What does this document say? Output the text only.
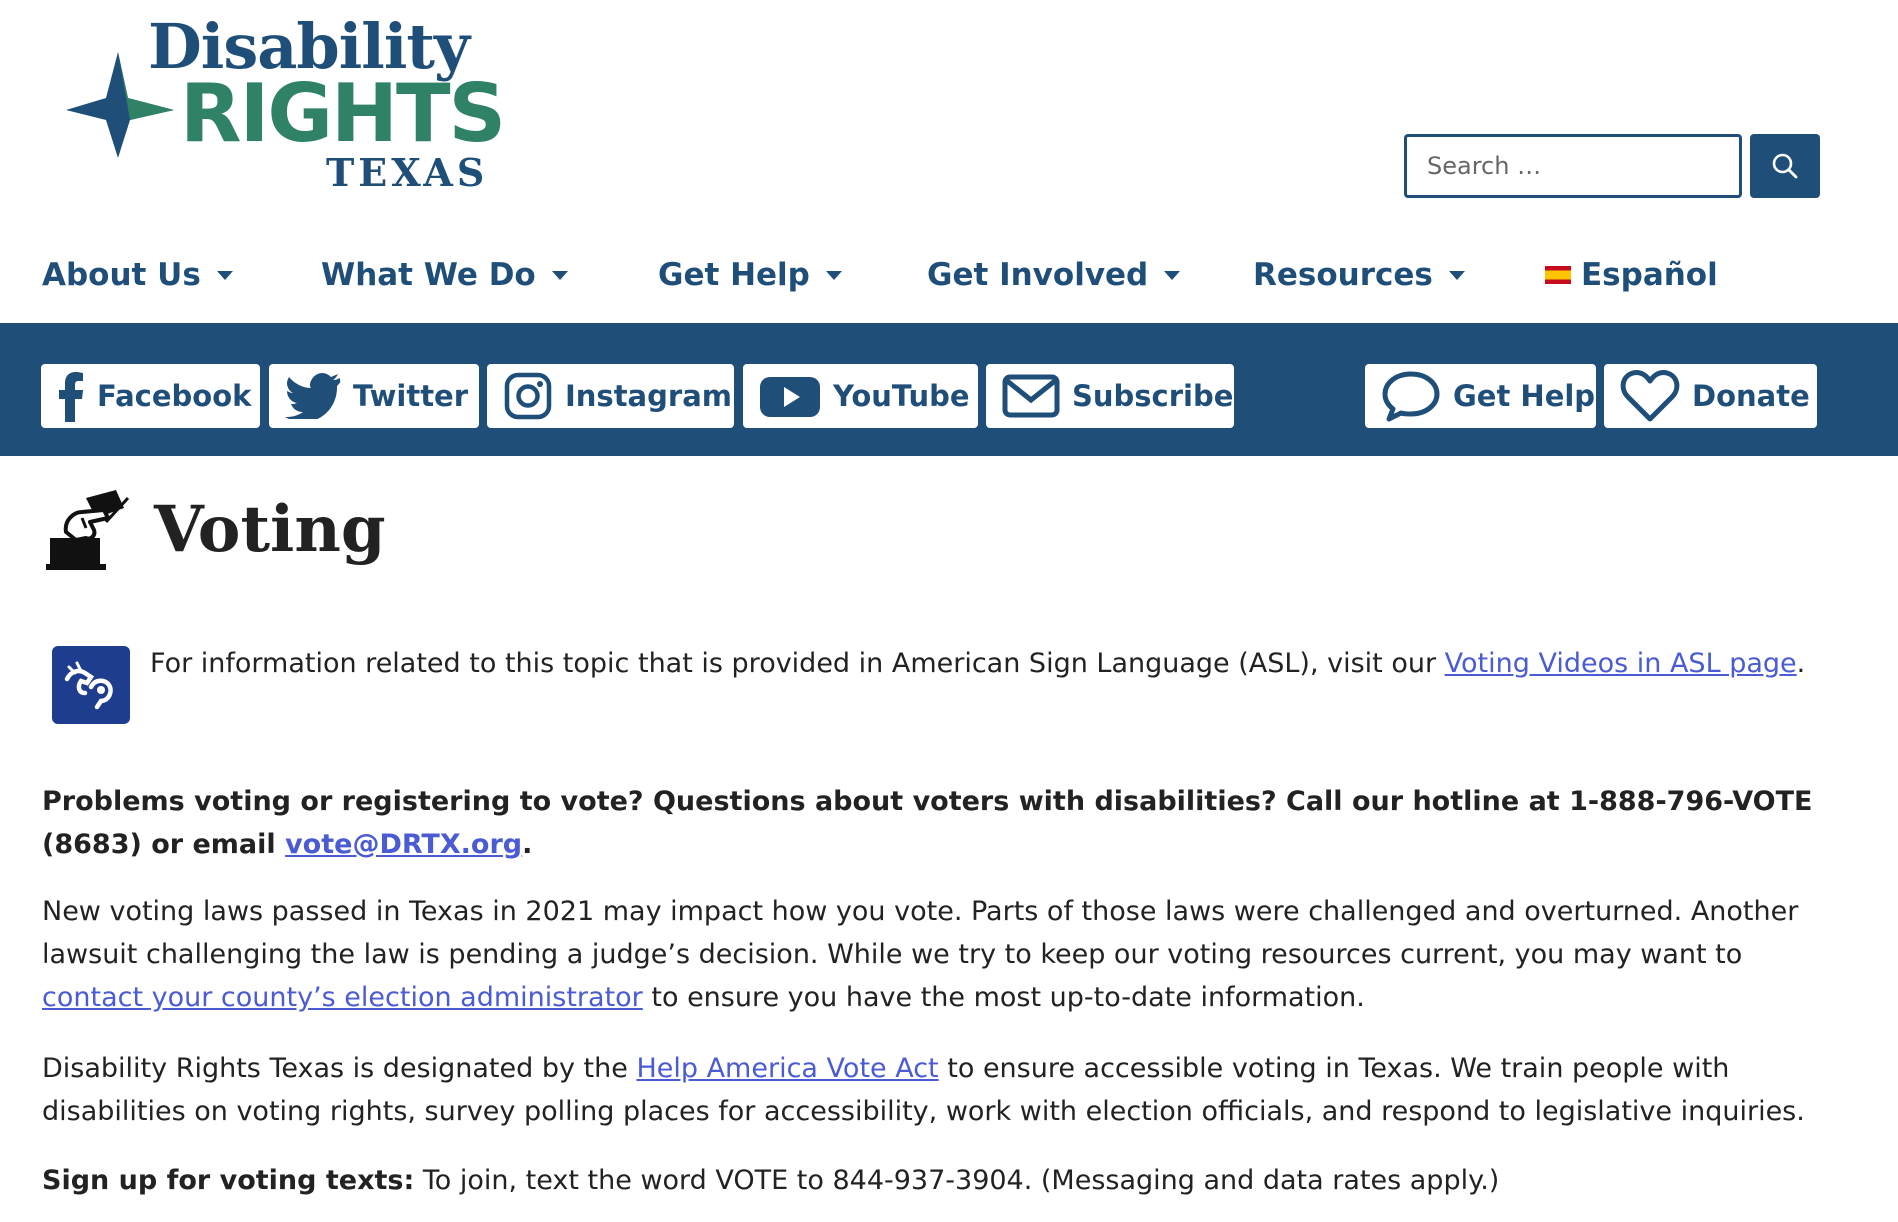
Disability
RIGHTS
TEXAS
Search …
About Us	What We Do	Get Help	Get Involved	Resources	Español
Facebook	Twitter	Instagram	YouTube	Subscribe	Get Help	Donate
Voting

For information related to this topic that is provided in American Sign Language (ASL), visit our Voting Videos in ASL page.

Problems voting or registering to vote? Questions about voters with disabilities? Call our hotline at 1-888-796-VOTE (8683) or email vote@DRTX.org.

New voting laws passed in Texas in 2021 may impact how you vote. Parts of those laws were challenged and overturned. Another lawsuit challenging the law is pending a judge’s decision. While we try to keep our voting resources current, you may want to contact your county’s election administrator to ensure you have the most up-to-date information.

Disability Rights Texas is designated by the Help America Vote Act to ensure accessible voting in Texas. We train people with disabilities on voting rights, survey polling places for accessibility, work with election officials, and respond to legislative inquiries.

Sign up for voting texts: To join, text the word VOTE to 844-937-3904. (Messaging and data rates apply.)
